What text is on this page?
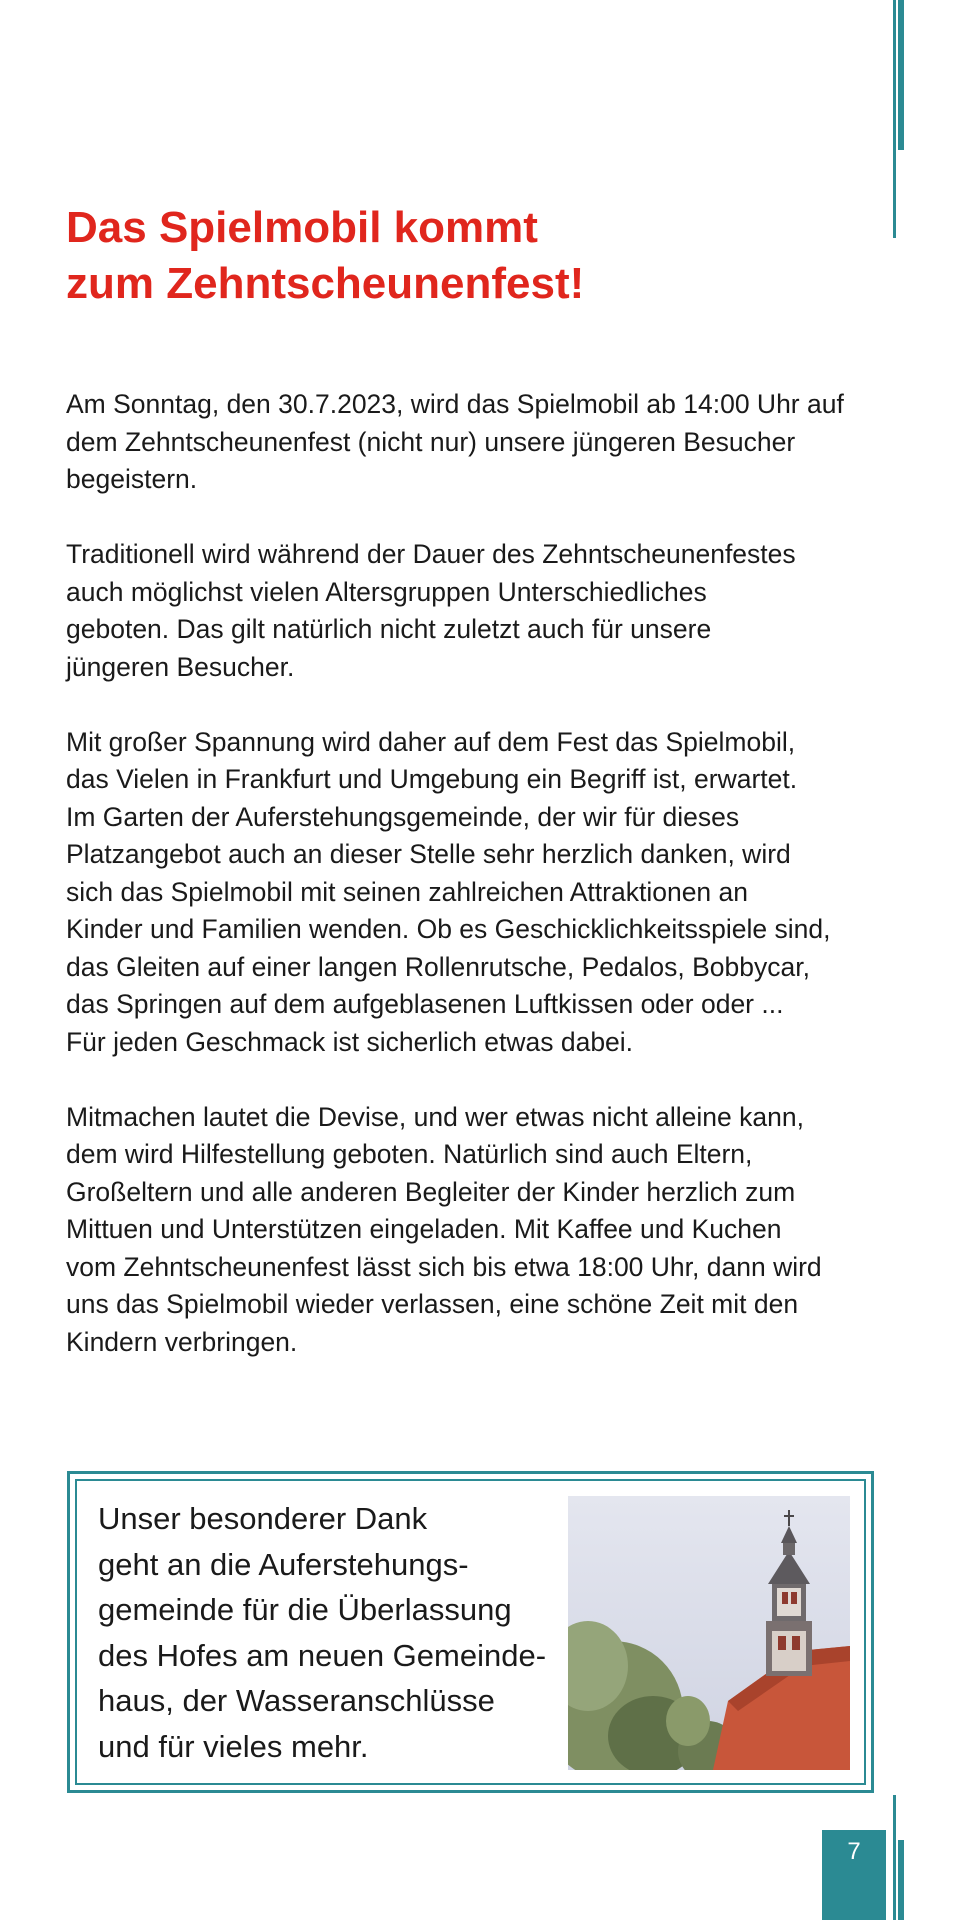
Das Spielmobil kommt
zum Zehntscheunenfest!

Am Sonntag, den 30.7.2023, wird das Spielmobil ab 14:00 Uhr auf
dem Zehntscheunenfest (nicht nur) unsere jüngeren Besucher
begeistern.

Traditionell wird während der Dauer des Zehntscheunenfestes
auch möglichst vielen Altersgruppen Unterschiedliches
geboten. Das gilt natürlich nicht zuletzt auch für unsere
jüngeren Besucher.

Mit großer Spannung wird daher auf dem Fest das Spielmobil,
das Vielen in Frankfurt und Umgebung ein Begriff ist, erwartet.
Im Garten der Auferstehungsgemeinde, der wir für dieses
Platzangebot auch an dieser Stelle sehr herzlich danken, wird
sich das Spielmobil mit seinen zahlreichen Attraktionen an
Kinder und Familien wenden. Ob es Geschicklichkeitsspiele sind,
das Gleiten auf einer langen Rollenrutsche, Pedalos, Bobbycar,
das Springen auf dem aufgeblasenen Luftkissen oder oder ...
Für jeden Geschmack ist sicherlich etwas dabei.

Mitmachen lautet die Devise, und wer etwas nicht alleine kann,
dem wird Hilfestellung geboten. Natürlich sind auch Eltern,
Großeltern und alle anderen Begleiter der Kinder herzlich zum
Mittuen und Unterstützen eingeladen. Mit Kaffee und Kuchen
vom Zehntscheunenfest lässt sich bis etwa 18:00 Uhr, dann wird
uns das Spielmobil wieder verlassen, eine schöne Zeit mit den
Kindern verbringen.

Unser besonderer Dank
geht an die Auferstehungs-
gemeinde für die Überlassung
des Hofes am neuen Gemeinde-
haus, der Wasseranschlüsse
und für vieles mehr.
7
